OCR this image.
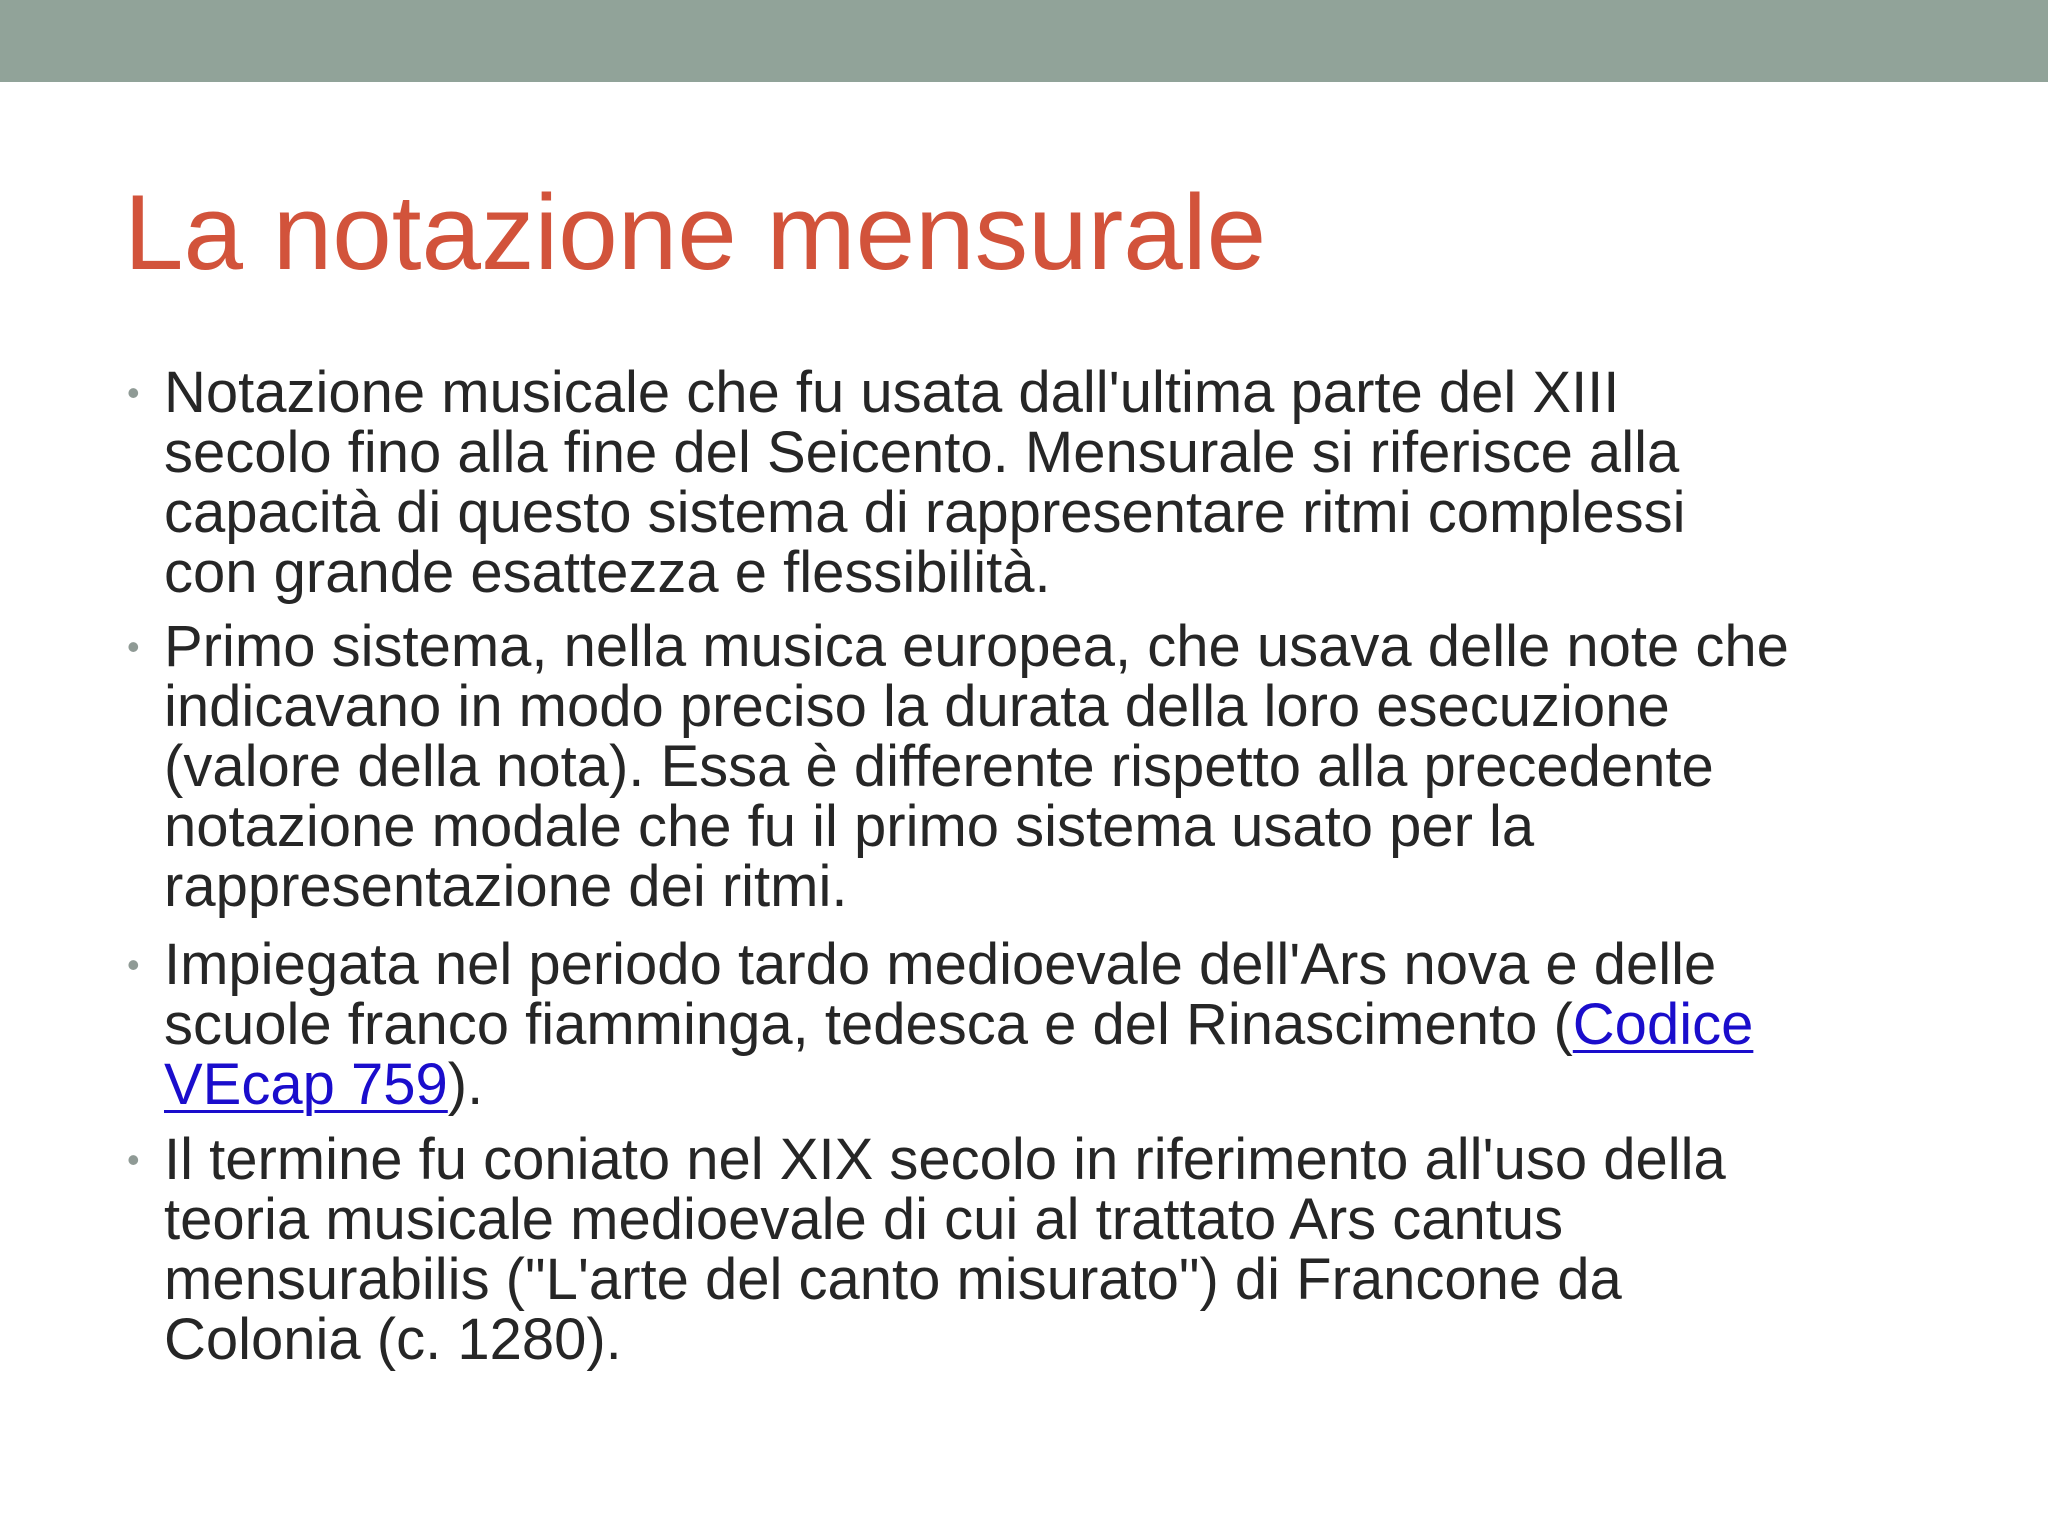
La notazione mensurale
• Notazione musicale che fu usata dall'ultima parte del XIII
secolo fino alla fine del Seicento. Mensurale si riferisce alla
capacità di questo sistema di rappresentare ritmi complessi
con grande esattezza e flessibilità.
• Primo sistema, nella musica europea, che usava delle note che
indicavano in modo preciso la durata della loro esecuzione
(valore della nota). Essa è differente rispetto alla precedente
notazione modale che fu il primo sistema usato per la
rappresentazione dei ritmi.
• Impiegata nel periodo tardo medioevale dell'Ars nova e delle
scuole franco fiamminga, tedesca e del Rinascimento (Codice
VEcap 759).
• Il termine fu coniato nel XIX secolo in riferimento all'uso della
teoria musicale medioevale di cui al trattato Ars cantus
mensurabilis ("L'arte del canto misurato") di Francone da
Colonia (c. 1280).
